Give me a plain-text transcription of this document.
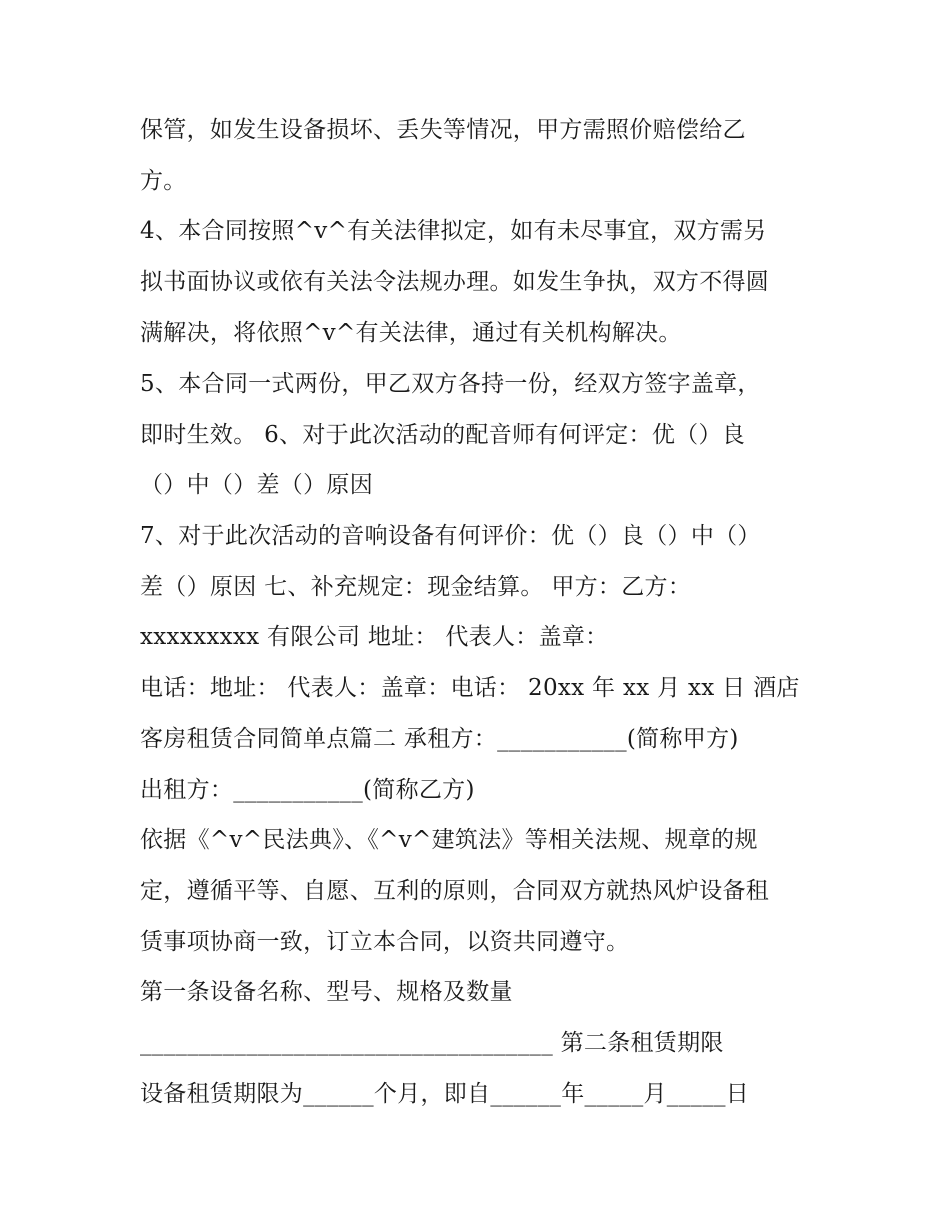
保管，如发生设备损坏、丢失等情况，甲方需照价赔偿给乙
方。
4、本合同按照^v^有关法律拟定，如有未尽事宜，双方需另
拟书面协议或依有关法令法规办理。如发生争执，双方不得圆
满解决，将依照^v^有关法律，通过有关机构解决。
5、本合同一式两份，甲乙双方各持一份，经双方签字盖章，
即时生效。 6、对于此次活动的配音师有何评定：优（）良
（）中（）差（）原因
7、对于此次活动的音响设备有何评价：优（）良（）中（）
差（）原因 七、补充规定：现金结算。 甲方：乙方：
xxxxxxxxx 有限公司 地址： 代表人：盖章：
电话：地址： 代表人：盖章：电话： 20xx 年 xx 月 xx 日 酒店
客房租赁合同简单点篇二 承租方：___________(简称甲方)
出租方：___________(简称乙方)
依据《^v^民法典》、《^v^建筑法》等相关法规、规章的规
定，遵循平等、自愿、互利的原则，合同双方就热风炉设备租
赁事项协商一致，订立本合同，以资共同遵守。
第一条设备名称、型号、规格及数量
___________________________________ 第二条租赁期限
设备租赁期限为______个月，即自______年_____月_____日
